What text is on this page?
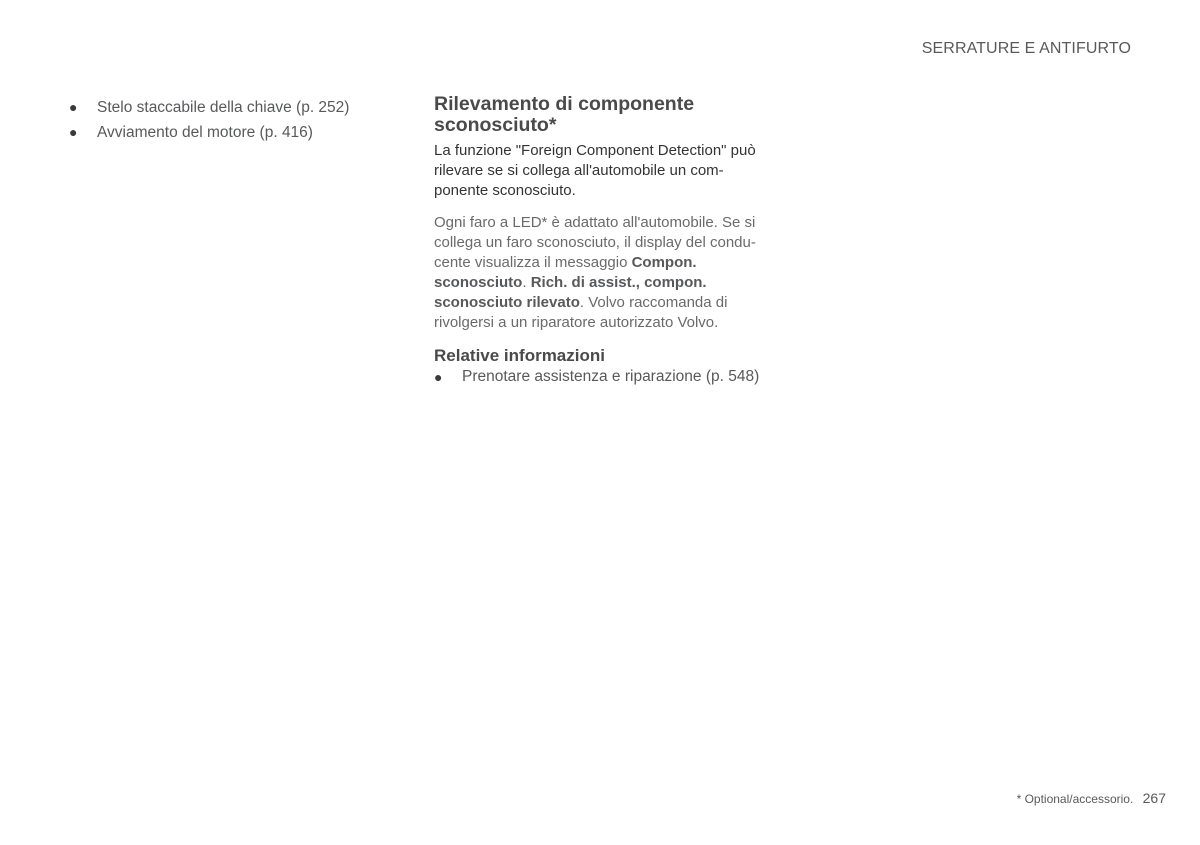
SERRATURE E ANTIFURTO
● Stelo staccabile della chiave (p. 252)
● Avviamento del motore (p. 416)
Rilevamento di componente
sconosciuto*

La funzione "Foreign Component Detection" può rilevare se si collega all'automobile un com-ponente sconosciuto.

Ogni faro a LED* è adattato all'automobile. Se si collega un faro sconosciuto, il display del condu-cente visualizza il messaggio Compon. sconosciuto. Rich. di assist., compon. sconosciuto rilevato. Volvo raccomanda di rivolgersi a un riparatore autorizzato Volvo.

Relative informazioni
● Prenotare assistenza e riparazione (p. 548)
* Optional/accessorio. 267
